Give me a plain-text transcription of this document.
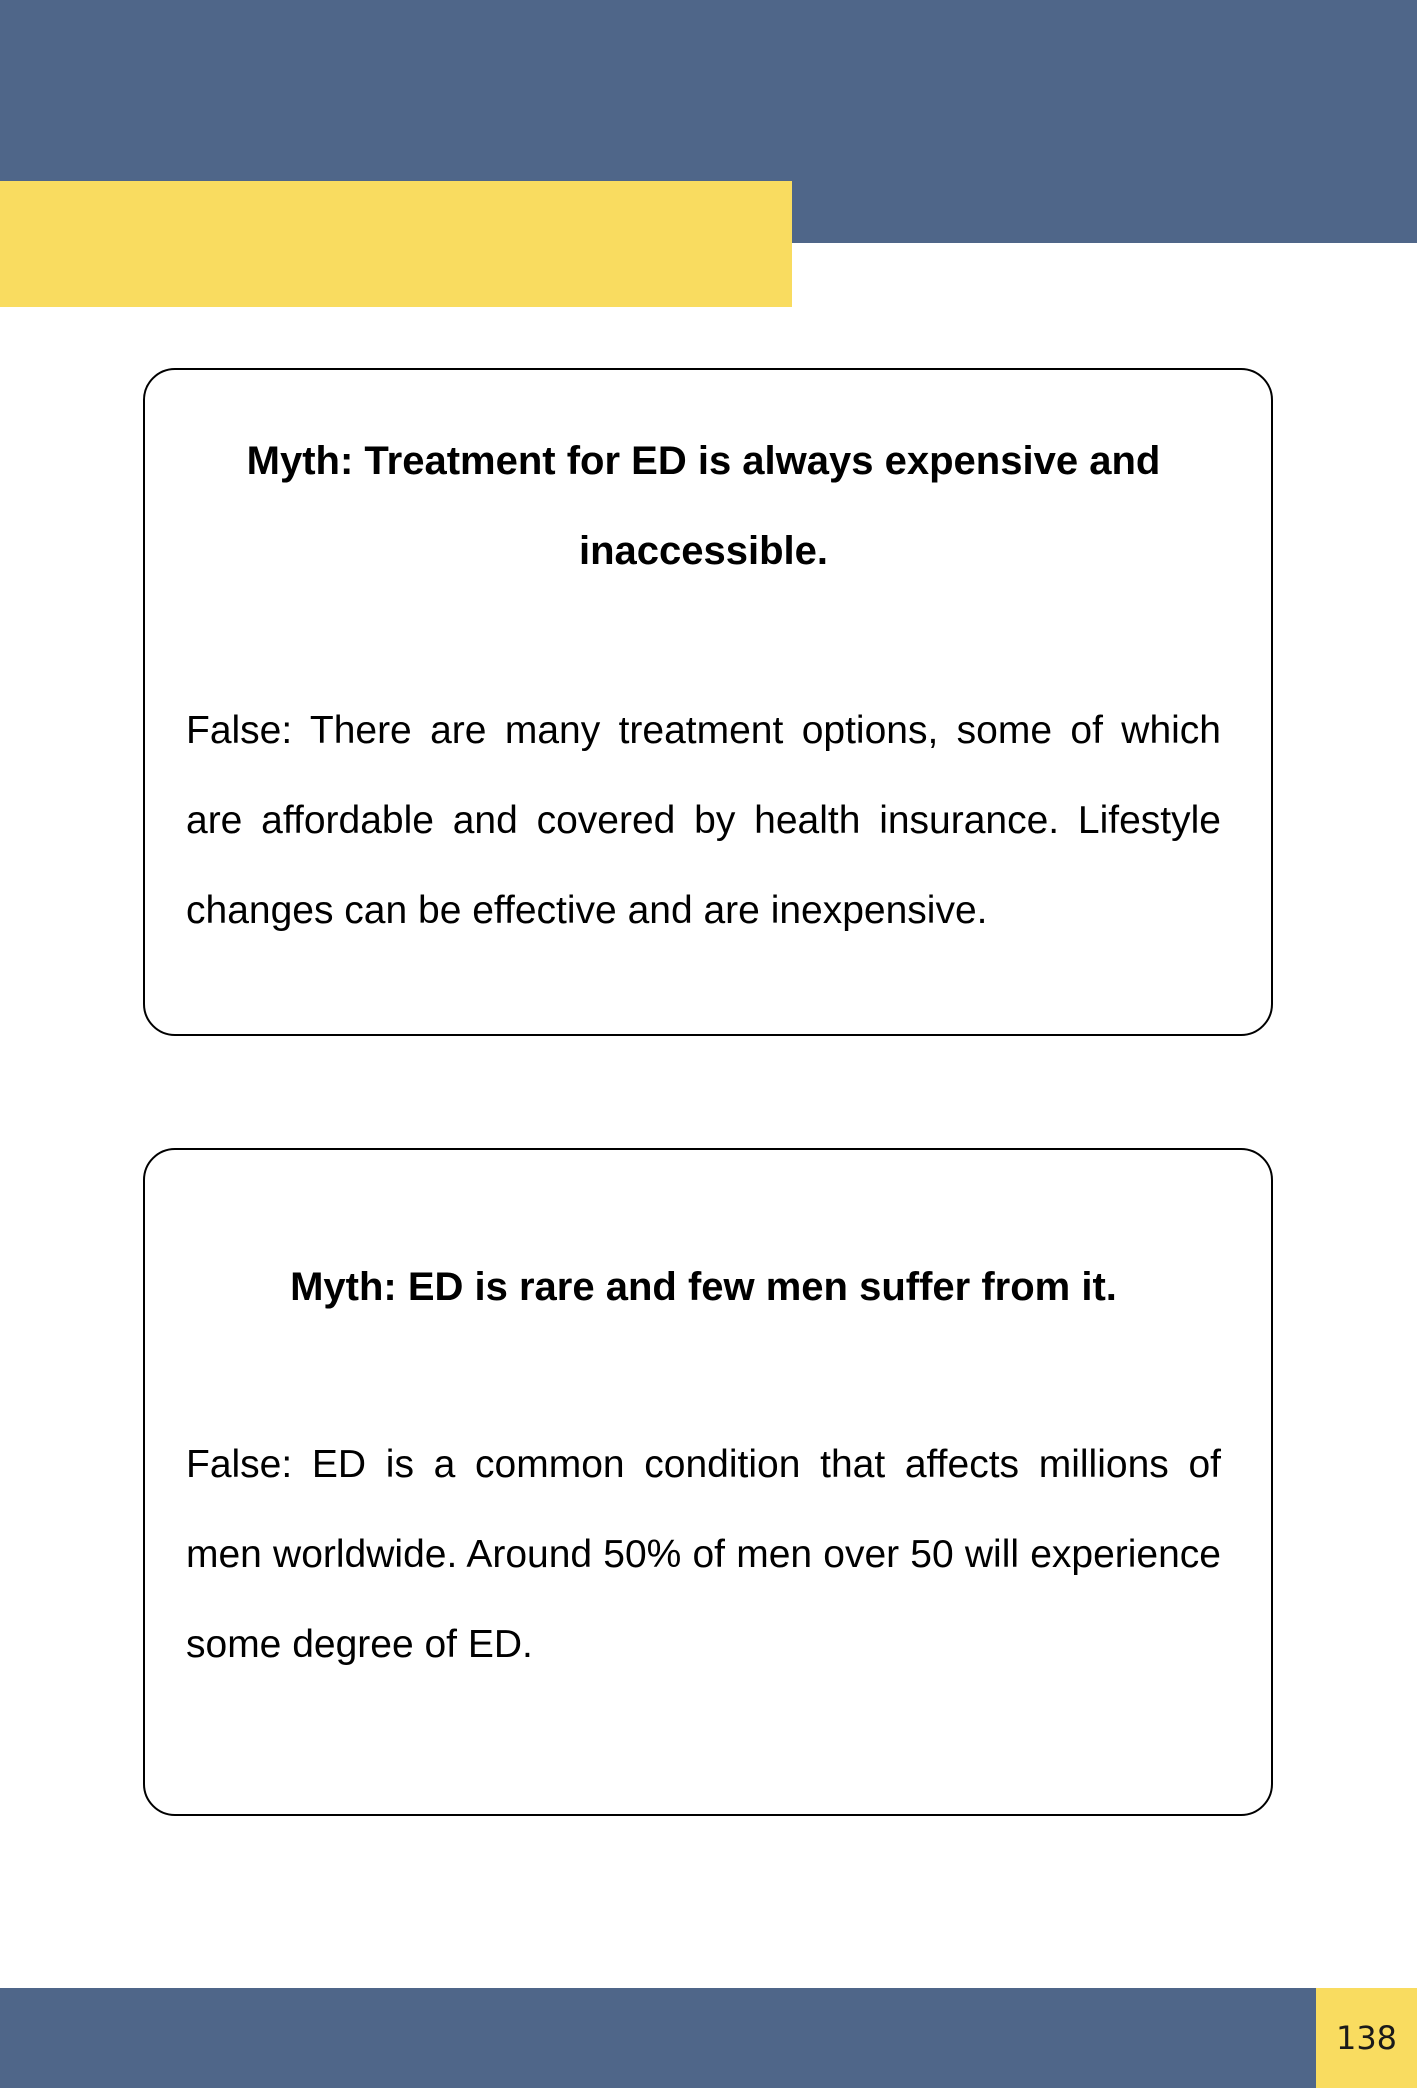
Myth: Treatment for ED is always expensive and inaccessible.

False: There are many treatment options, some of which are affordable and covered by health insurance. Lifestyle changes can be effective and are inexpensive.

Myth: ED is rare and few men suffer from it.

False: ED is a common condition that affects millions of men worldwide. Around 50% of men over 50 will experience some degree of ED.

138
